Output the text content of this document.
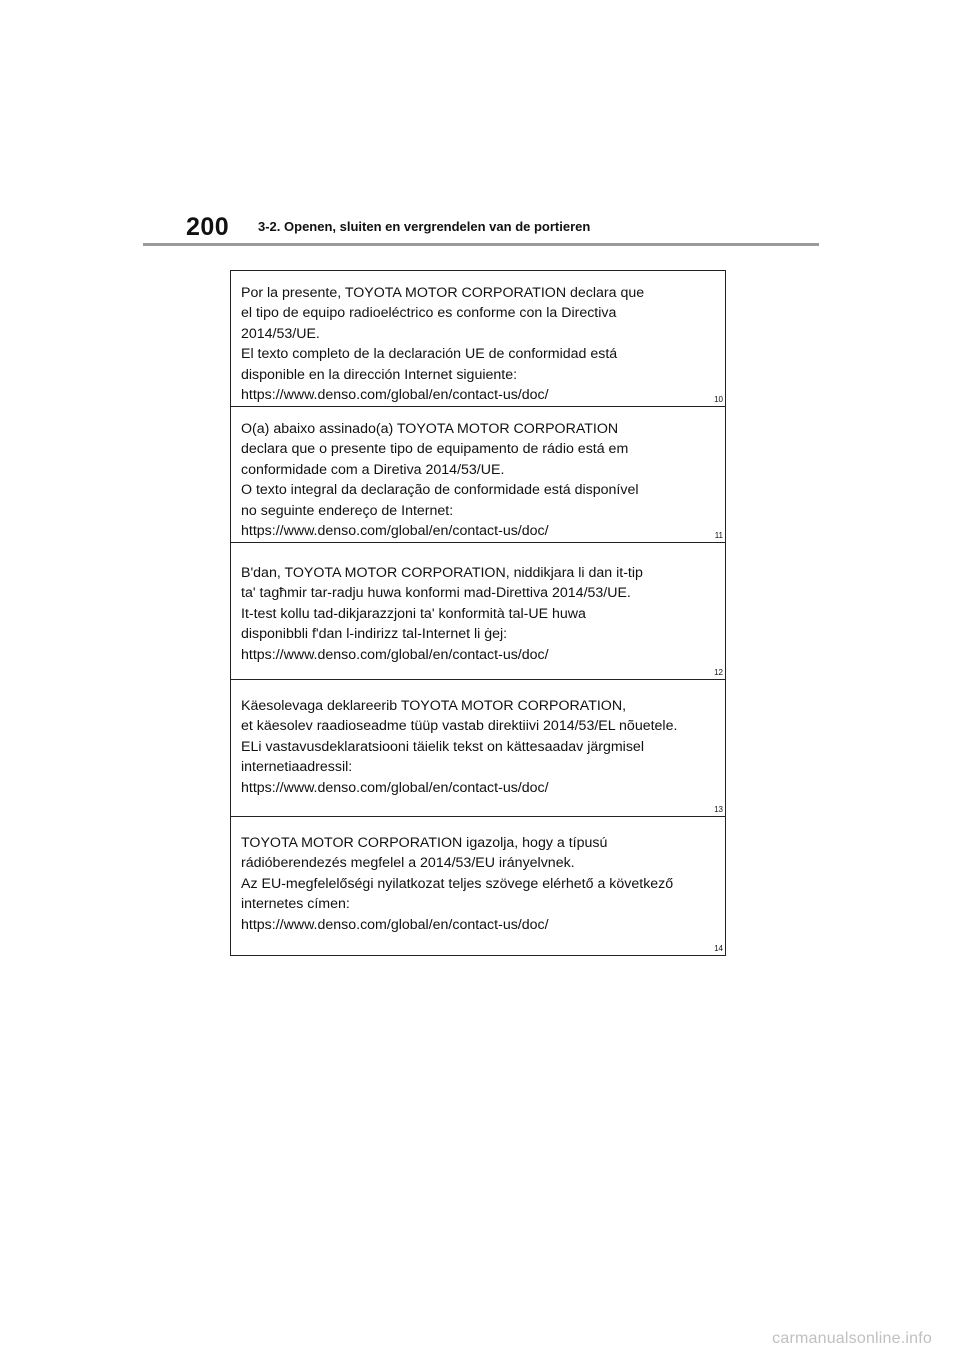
200 3-2. Openen, sluiten en vergrendelen van de portieren
Por la presente, TOYOTA MOTOR CORPORATION declara que
el tipo de equipo radioeléctrico es conforme con la Directiva
2014/53/UE.
El texto completo de la declaración UE de conformidad está
disponible en la dirección Internet siguiente:
https://www.denso.com/global/en/contact-us/doc/	10
O(a) abaixo assinado(a) TOYOTA MOTOR CORPORATION
declara que o presente tipo de equipamento de rádio está em
conformidade com a Diretiva 2014/53/UE.
O texto integral da declaração de conformidade está disponível
no seguinte endereço de Internet:
https://www.denso.com/global/en/contact-us/doc/	11
B'dan, TOYOTA MOTOR CORPORATION, niddikjara li dan it-tip
ta' tagħmir tar-radju huwa konformi mad-Direttiva 2014/53/UE.
It-test kollu tad-dikjarazzjoni ta' konformità tal-UE huwa
disponibbli f'dan l-indirizz tal-Internet li ġej:
https://www.denso.com/global/en/contact-us/doc/
12
Käesolevaga deklareerib TOYOTA MOTOR CORPORATION,
et käesolev raadioseadme tüüp vastab direktiivi 2014/53/EL nõuetele.
ELi vastavusdeklaratsiooni täielik tekst on kättesaadav järgmisel
internetiaadressil:
https://www.denso.com/global/en/contact-us/doc/
13
TOYOTA MOTOR CORPORATION igazolja, hogy a típusú
rádióberendezés megfelel a 2014/53/EU irányelvnek.
Az EU-megfelelőségi nyilatkozat teljes szövege elérhető a következő
internetes címen:
https://www.denso.com/global/en/contact-us/doc/
14
carmanualsonline.info
